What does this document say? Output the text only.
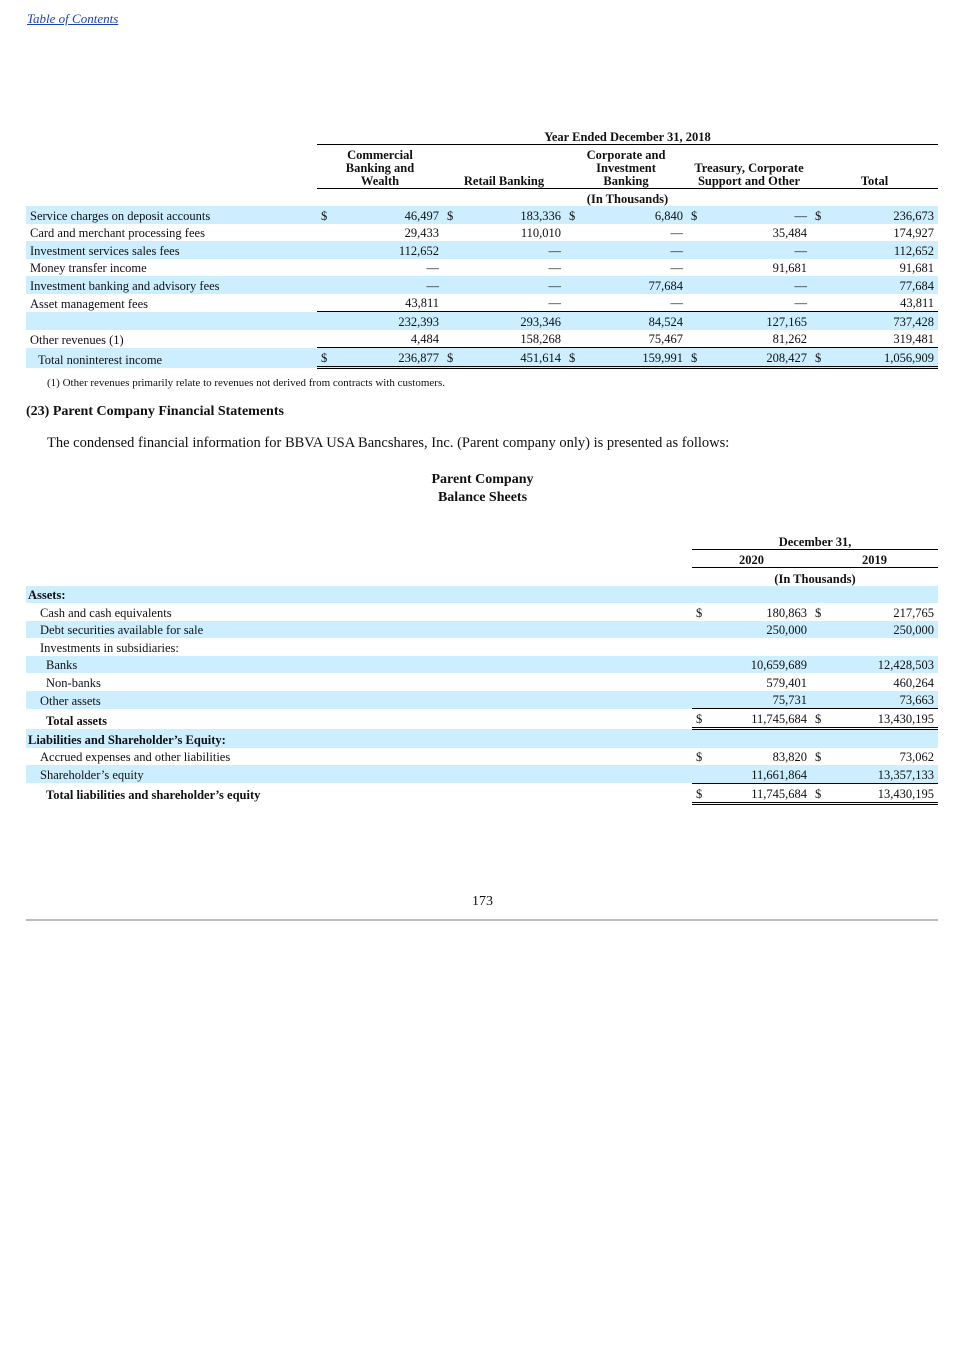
Table of Contents
	Year Ended December 31, 2018									
	Commercial Banking and Wealth		Retail Banking		Corporate and Investment Banking		Treasury, Corporate Support and Other		Total	
	(In Thousands)									
Service charges on deposit accounts	$	46,497	$	183,336	$	6,840	$	—	$	236,673
Card and merchant processing fees		29,433		110,010		—		35,484		174,927
Investment services sales fees		112,652		—		—		—		112,652
Money transfer income		—		—		—		91,681		91,681
Investment banking and advisory fees		—		—		77,684		—		77,684
Asset management fees		43,811		—		—		—		43,811
		232,393		293,346		84,524		127,165		737,428
Other revenues (1)		4,484		158,268		75,467		81,262		319,481
Total noninterest income	$	236,877	$	451,614	$	159,991	$	208,427	$	1,056,909
(1) Other revenues primarily relate to revenues not derived from contracts with customers.
(23) Parent Company Financial Statements
The condensed financial information for BBVA USA Bancshares, Inc. (Parent company only) is presented as follows:
Parent Company
Balance Sheets
	December 31,			
	2020		2019	
	(In Thousands)			
Assets:				
Cash and cash equivalents	$	180,863	$	217,765
Debt securities available for sale		250,000		250,000
Investments in subsidiaries:				
Banks		10,659,689		12,428,503
Non-banks		579,401		460,264
Other assets		75,731		73,663
Total assets	$	11,745,684	$	13,430,195
Liabilities and Shareholder’s Equity:				
Accrued expenses and other liabilities	$	83,820	$	73,062
Shareholder’s equity		11,661,864		13,357,133
Total liabilities and shareholder’s equity	$	11,745,684	$	13,430,195
173
